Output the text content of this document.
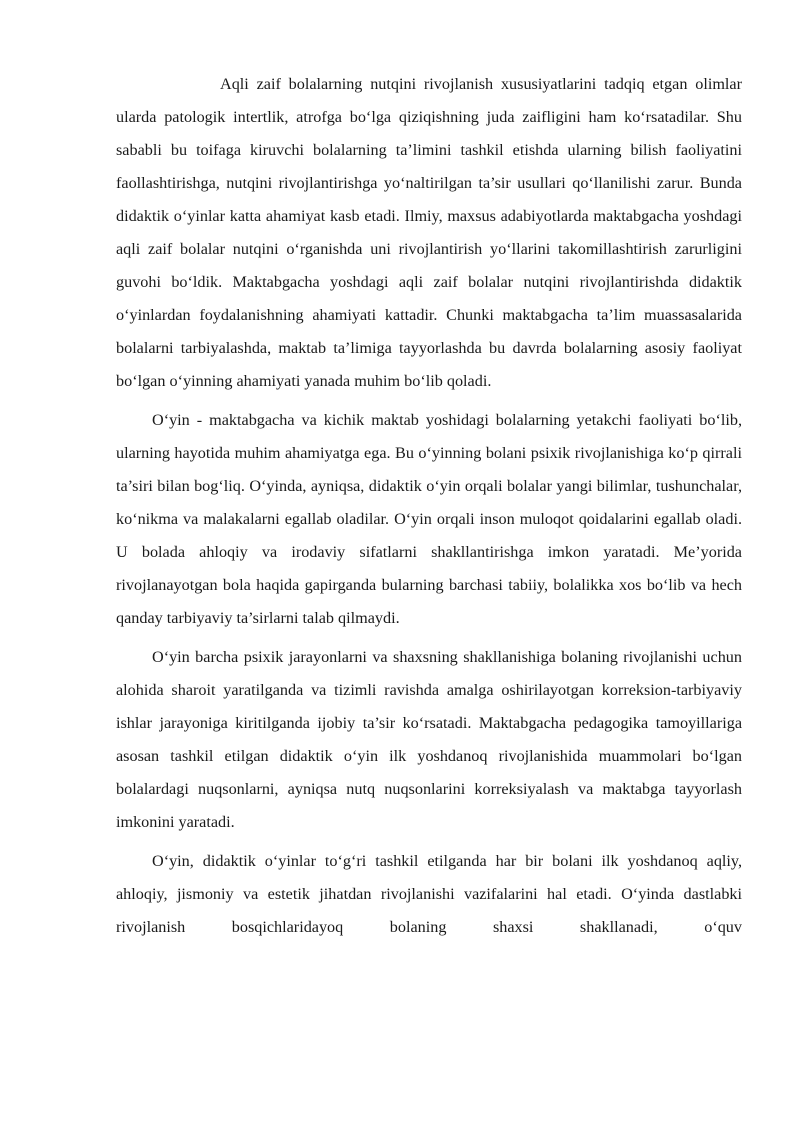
Aqli zaif bolalarning nutqini rivojlanish xususiyatlarini tadqiq etgan olimlar ularda patologik intertlik, atrofga bo‘lga qiziqishning juda zaifligini ham ko‘rsatadilar. Shu sababli bu toifaga kiruvchi bolalarning ta’limini tashkil etishda ularning bilish faoliyatini faollashtirishga, nutqini rivojlantirishga yo‘naltirilgan ta’sir usullari qo‘llanilishi zarur. Bunda didaktik o‘yinlar katta ahamiyat kasb etadi. Ilmiy, maxsus adabiyotlarda maktabgacha yoshdagi aqli zaif bolalar nutqini o‘rganishda uni rivojlantirish yo‘llarini takomillashtirish zarurligini guvohi bo‘ldik. Maktabgacha yoshdagi aqli zaif bolalar nutqini rivojlantirishda didaktik o‘yinlardan foydalanishning ahamiyati kattadir. Chunki maktabgacha ta’lim muassasalarida bolalarni tarbiyalashda, maktab ta’limiga tayyorlashda bu davrda bolalarning asosiy faoliyat bo‘lgan o‘yinning ahamiyati yanada muhim bo‘lib qoladi.

O‘yin - maktabgacha va kichik maktab yoshidagi bolalarning yetakchi faoliyati bo‘lib, ularning hayotida muhim ahamiyatga ega. Bu o‘yinning bolani psixik rivojlanishiga ko‘p qirrali ta’siri bilan bog‘liq. O‘yinda, ayniqsa, didaktik o‘yin orqali bolalar yangi bilimlar, tushunchalar, ko‘nikma va malakalarni egallab oladilar. O‘yin orqali inson muloqot qoidalarini egallab oladi. U bolada ahloqiy va irodaviy sifatlarni shakllantirishga imkon yaratadi. Me’yorida rivojlanayotgan bola haqida gapirganda bularning barchasi tabiiy, bolalikka xos bo‘lib va hech qanday tarbiyaviy ta’sirlarni talab qilmaydi.

O‘yin barcha psixik jarayonlarni va shaxsning shakllanishiga bolaning rivojlanishi uchun alohida sharoit yaratilganda va tizimli ravishda amalga oshirilayotgan korreksion-tarbiyaviy ishlar jarayoniga kiritilganda ijobiy ta’sir ko‘rsatadi. Maktabgacha pedagogika tamoyillariga asosan tashkil etilgan didaktik o‘yin ilk yoshdanoq rivojlanishida muammolari bo‘lgan bolalardagi nuqsonlarni, ayniqsa nutq nuqsonlarini korreksiyalash va maktabga tayyorlash imkonini yaratadi.

O‘yin, didaktik o‘yinlar to‘g‘ri tashkil etilganda har bir bolani ilk yoshdanoq aqliy, ahloqiy, jismoniy va estetik jihatdan rivojlanishi vazifalarini hal etadi. O‘yinda dastlabki rivojlanish bosqichlaridayoq bolaning shaxsi shakllanadi, o‘quv
